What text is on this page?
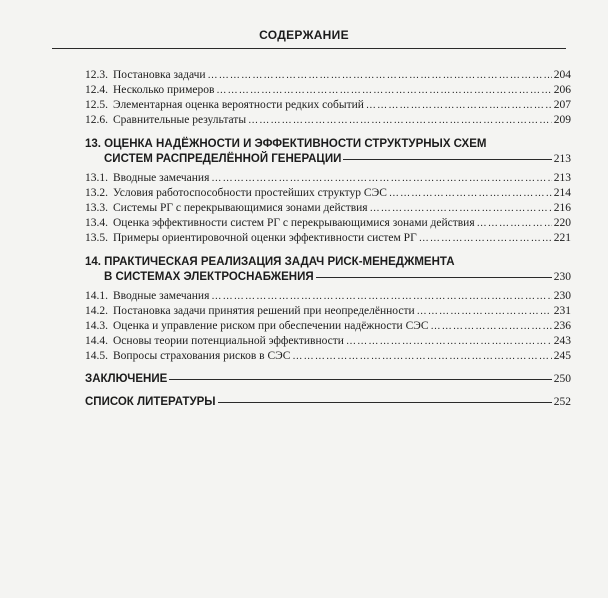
СОДЕРЖАНИЕ
12.3. Постановка задачи …………………………………………………………………………………………………………………………………………	204
12.4. Несколько примеров …………………………………………………………………………………………………………………………………………	206
12.5. Элементарная оценка вероятности редких событий …………………………………………………………………………………………………………………………………………	207
12.6. Сравнительные результаты …………………………………………………………………………………………………………………………………………	209
13. ОЦЕНКА НАДЁЖНОСТИ И ЭФФЕКТИВНОСТИ СТРУКТУРНЫХ СХЕМ
СИСТЕМ РАСПРЕДЕЛЁННОЙ ГЕНЕРАЦИИ	213
13.1. Вводные замечания …………………………………………………………………………………………………………………………………………	213
13.2. Условия работоспособности простейших структур СЭС …………………………………………………………………………………………………………………………………………	214
13.3. Системы РГ с перекрывающимися зонами действия …………………………………………………………………………………………………………………………………………	216
13.4. Оценка эффективности систем РГ с перекрывающимися зонами действия …………………………………………………………………………………………………………………………………………	220
13.5. Примеры ориентировочной оценки эффективности систем РГ …………………………………………………………………………………………………………………………………………	221
14. ПРАКТИЧЕСКАЯ РЕАЛИЗАЦИЯ ЗАДАЧ РИСК-МЕНЕДЖМЕНТА
В СИСТЕМАХ ЭЛЕКТРОСНАБЖЕНИЯ	230
14.1. Вводные замечания …………………………………………………………………………………………………………………………………………	230
14.2. Постановка задачи принятия решений при неопределённости …………………………………………………………………………………………………………………………………………	231
14.3. Оценка и управление риском при обеспечении надёжности СЭС …………………………………………………………………………………………………………………………………………	236
14.4. Основы теории потенциальной эффективности …………………………………………………………………………………………………………………………………………	243
14.5. Вопросы страхования рисков в СЭС …………………………………………………………………………………………………………………………………………	245
ЗАКЛЮЧЕНИЕ	250
СПИСОК ЛИТЕРАТУРЫ	252
